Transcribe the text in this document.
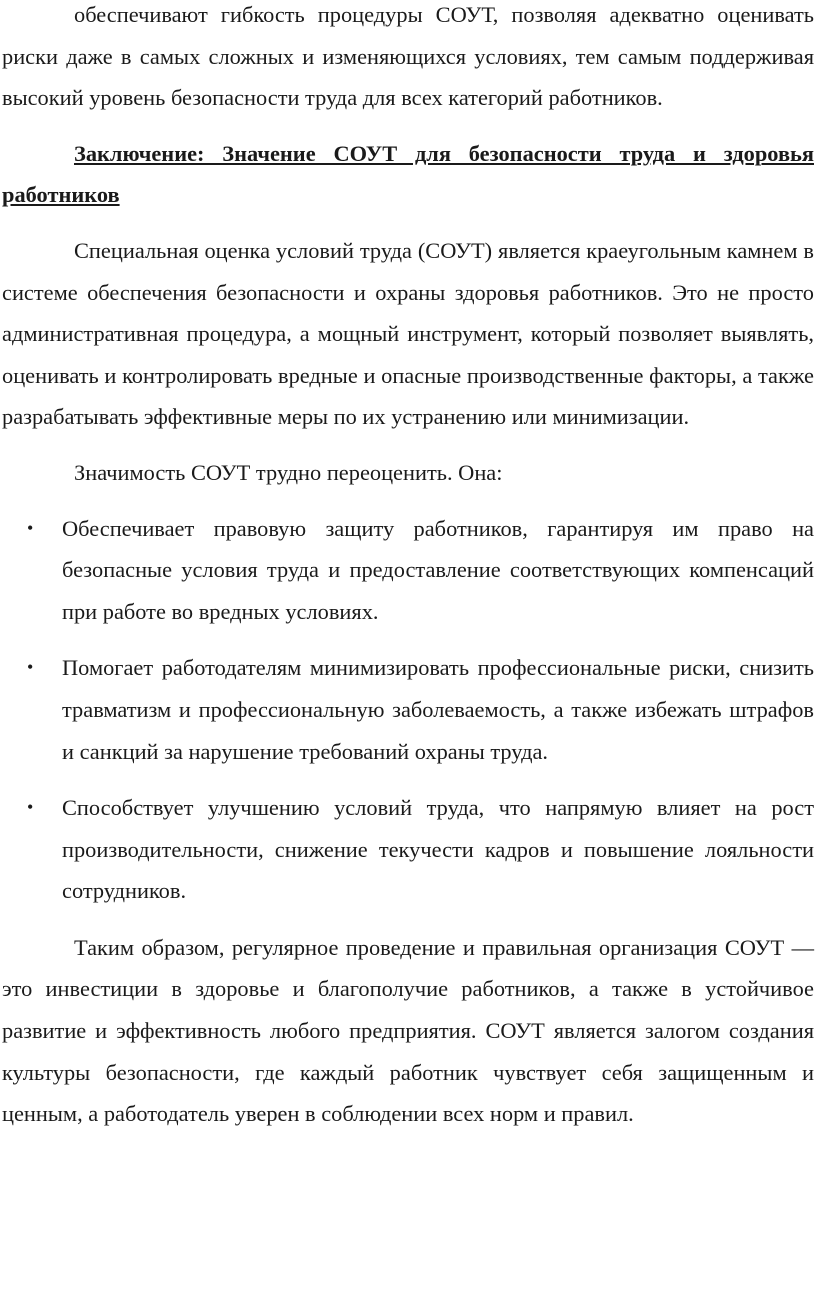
обеспечивают гибкость процедуры СОУТ, позволяя адекватно оценивать риски даже в самых сложных и изменяющихся условиях, тем самым поддерживая высокий уровень безопасности труда для всех категорий работников.

Заключение: Значение СОУТ для безопасности труда и здоровья работников

Специальная оценка условий труда (СОУТ) является краеугольным камнем в системе обеспечения безопасности и охраны здоровья работников. Это не просто административная процедура, а мощный инструмент, который позволяет выявлять, оценивать и контролировать вредные и опасные производственные факторы, а также разрабатывать эффективные меры по их устранению или минимизации.

Значимость СОУТ трудно переоценить. Она:

• Обеспечивает правовую защиту работников, гарантируя им право на безопасные условия труда и предоставление соответствующих компенсаций при работе во вредных условиях.
• Помогает работодателям минимизировать профессиональные риски, снизить травматизм и профессиональную заболеваемость, а также избежать штрафов и санкций за нарушение требований охраны труда.
• Способствует улучшению условий труда, что напрямую влияет на рост производительности, снижение текучести кадров и повышение лояльности сотрудников.

Таким образом, регулярное проведение и правильная организация СОУТ — это инвестиции в здоровье и благополучие работников, а также в устойчивое развитие и эффективность любого предприятия. СОУТ является залогом создания культуры безопасности, где каждый работник чувствует себя защищенным и ценным, а работодатель уверен в соблюдении всех норм и правил.
